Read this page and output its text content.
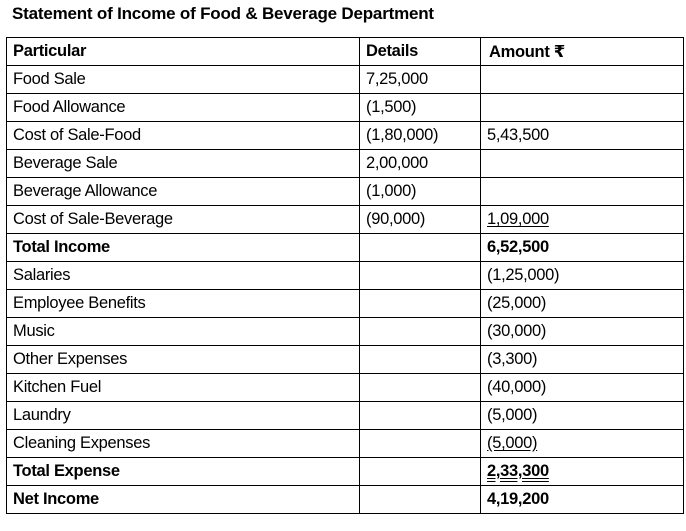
Statement of Income of Food & Beverage Department
Particular	Details	Amount ₹
Food Sale	7,25,000	
Food Allowance	(1,500)	
Cost of Sale-Food	(1,80,000)	5,43,500
Beverage Sale	2,00,000	
Beverage Allowance	(1,000)	
Cost of Sale-Beverage	(90,000)	1,09,000
Total Income		6,52,500
Salaries		(1,25,000)
Employee Benefits		(25,000)
Music		(30,000)
Other Expenses		(3,300)
Kitchen Fuel		(40,000)
Laundry		(5,000)
Cleaning Expenses		(5,000)
Total Expense		2,33,300
Net Income		4,19,200
